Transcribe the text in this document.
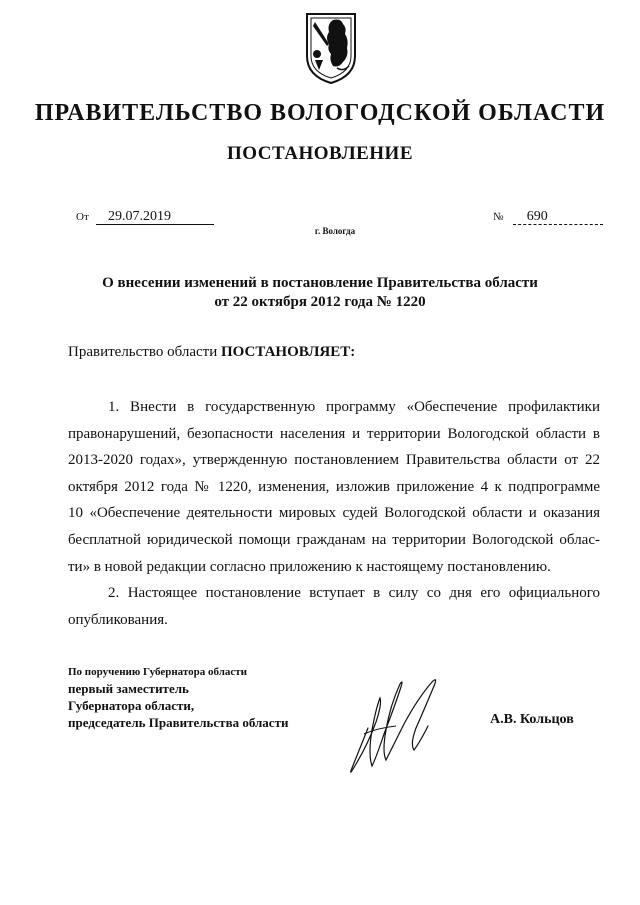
ПРАВИТЕЛЬСТВО ВОЛОГОДСКОЙ ОБЛАСТИ
ПОСТАНОВЛЕНИЕ
От 29.07.2019	№ 690
г. Вологда
О внесении изменений в постановление Правительства области
от 22 октября 2012 года № 1220
Правительство области ПОСТАНОВЛЯЕТ:

1. Внести в государственную программу «Обеспечение профилактики

правонарушений, безопасности населения и территории Вологодской области в

2013-2020 годах», утвержденную постановлением Правительства области от 22

октября 2012 года № 1220, изменения, изложив приложение 4 к подпрограмме

10 «Обеспечение деятельности мировых судей Вологодской области и оказания

бесплатной юридической помощи гражданам на территории Вологодской облас-

ти» в новой редакции согласно приложению к настоящему постановлению.

2. Настоящее постановление вступает в силу со дня его официального

опубликования.

По поручению Губернатора области
первый заместитель
Губернатора области,
председатель Правительства области	А.В. Кольцов
